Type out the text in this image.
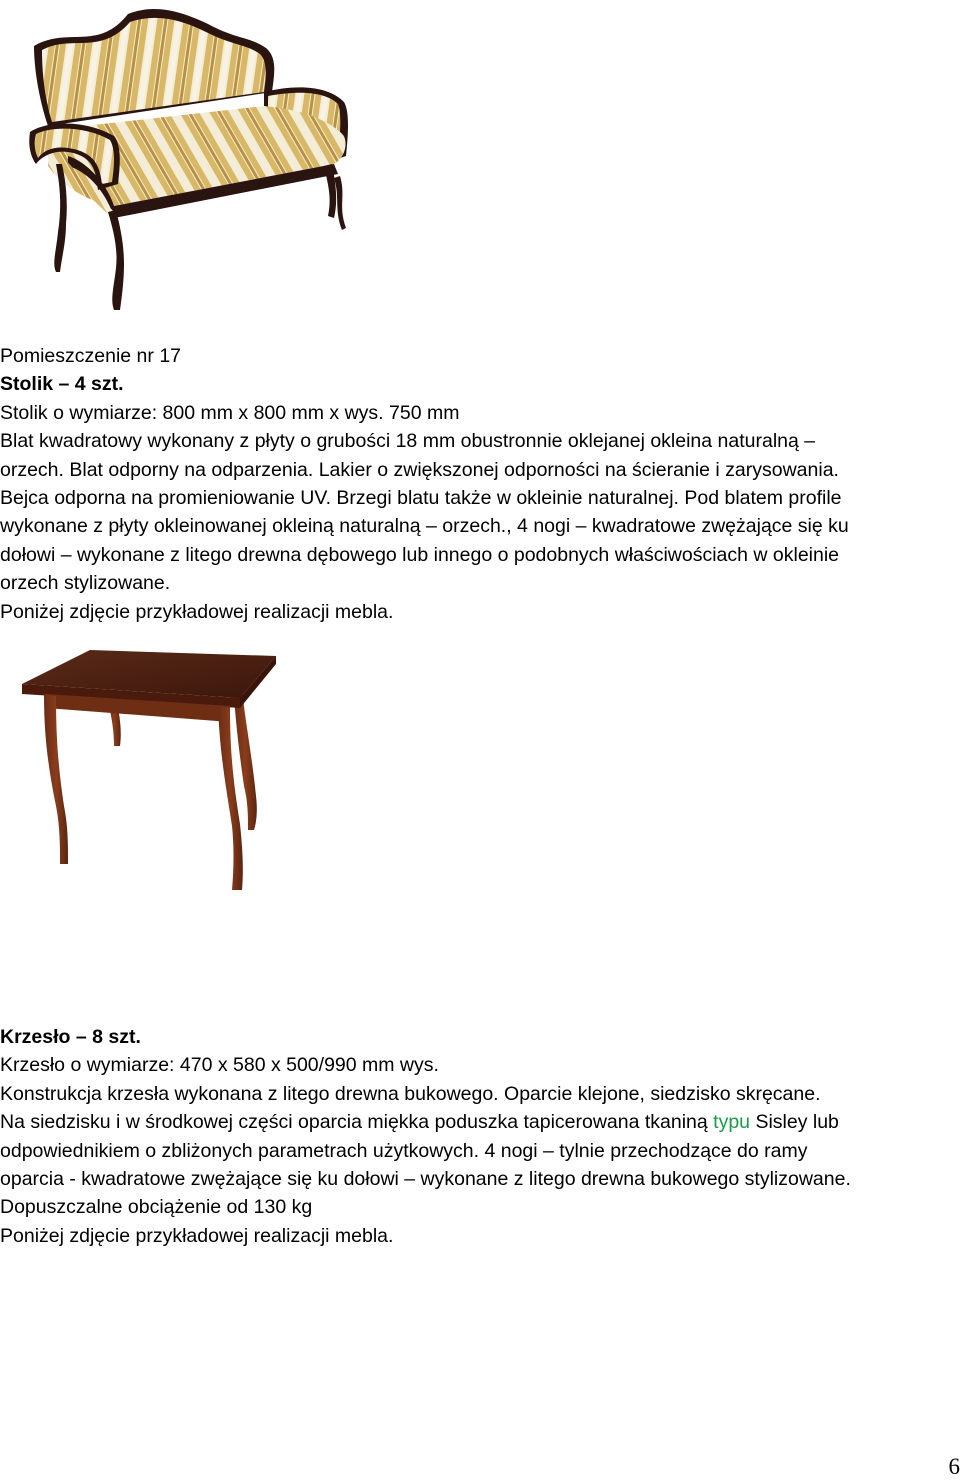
Pomieszczenie nr 17
Stolik – 4 szt.
Stolik o wymiarze: 800 mm x 800 mm x wys. 750 mm
Blat kwadratowy wykonany z płyty o grubości 18 mm obustronnie oklejanej okleina naturalną –
orzech. Blat odporny na odparzenia. Lakier o zwiększonej odporności na ścieranie i zarysowania.
Bejca odporna na promieniowanie UV. Brzegi blatu także w okleinie naturalnej. Pod blatem profile
wykonane z płyty okleinowanej okleiną naturalną – orzech., 4 nogi – kwadratowe zwężające się ku
dołowi – wykonane z litego drewna dębowego lub innego o podobnych właściwościach w okleinie
orzech stylizowane.
Poniżej zdjęcie przykładowej realizacji mebla.
Krzesło – 8 szt.
Krzesło o wymiarze: 470 x 580 x 500/990 mm wys.
Konstrukcja krzesła wykonana z litego drewna bukowego. Oparcie klejone, siedzisko skręcane.
Na siedzisku i w środkowej części oparcia miękka poduszka tapicerowana tkaniną typu Sisley lub
odpowiednikiem o zbliżonych parametrach użytkowych. 4 nogi – tylnie przechodzące do ramy
oparcia - kwadratowe zwężające się ku dołowi – wykonane z litego drewna bukowego stylizowane.
Dopuszczalne obciążenie od 130 kg
Poniżej zdjęcie przykładowej realizacji mebla.
6
